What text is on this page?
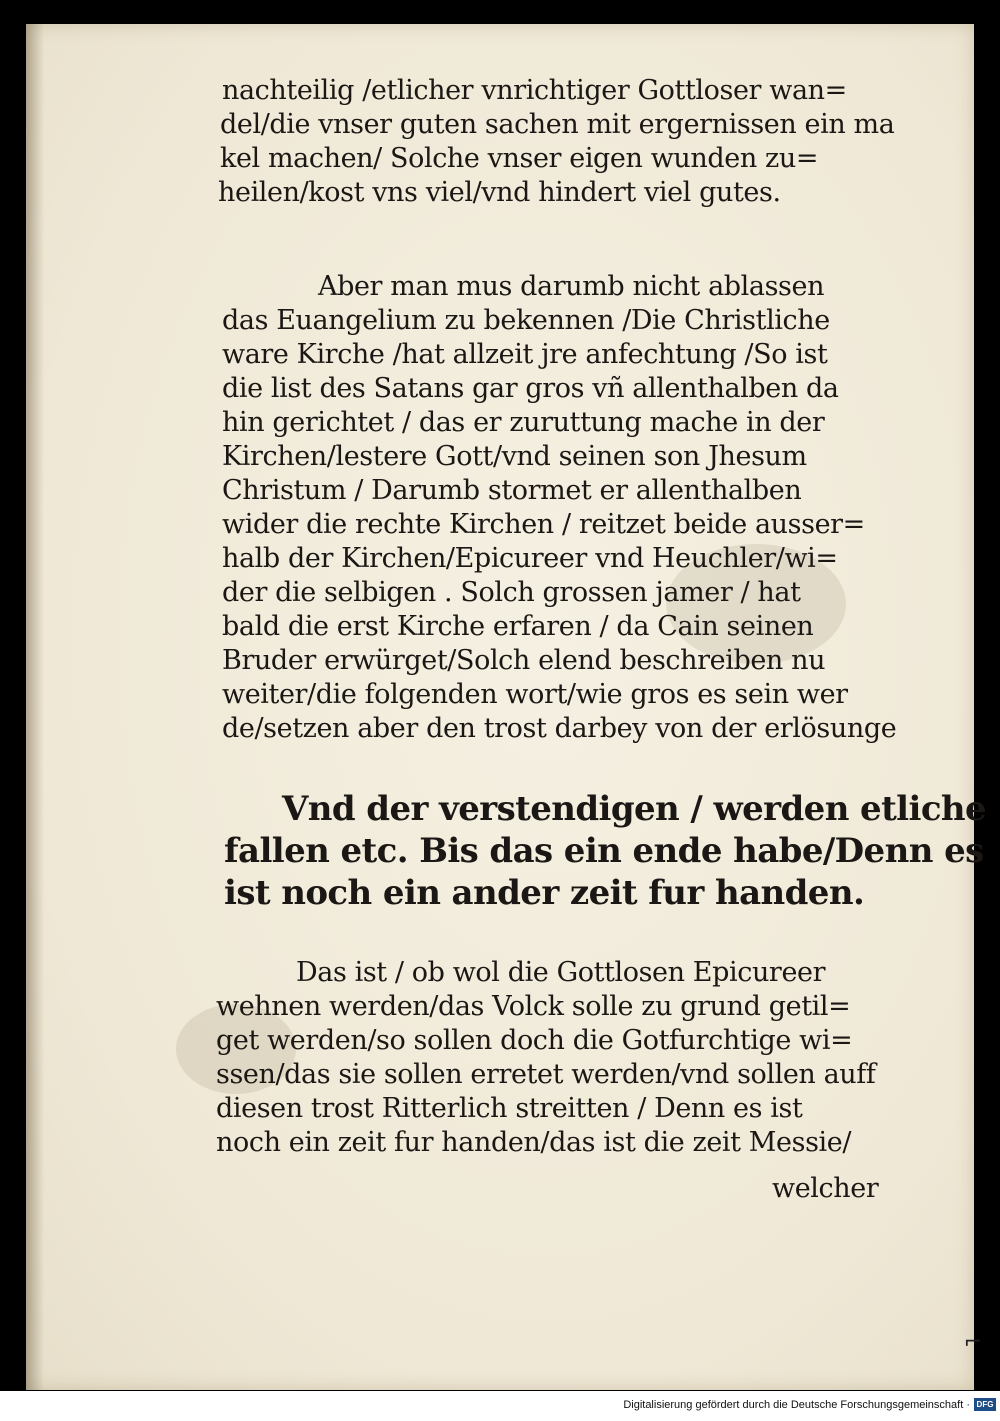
nachteilig /etlicher vnrichtiger Gottloser wan=
del/die vnser guten sachen mit ergernissen ein ma
kel machen/ Solche vnser eigen wunden zu=
heilen/kost vns viel/vnd hindert viel gutes.
Aber man mus darumb nicht ablassen
das Euangelium zu bekennen /Die Christliche
ware Kirche /hat allzeit jre anfechtung /So ist
die list des Satans gar gros vñ allenthalben da
hin gerichtet / das er zuruttung mache in der
Kirchen/lestere Gott/vnd seinen son Jhesum
Christum / Darumb stormet er allenthalben
wider die rechte Kirchen / reitzet beide ausser=
halb der Kirchen/Epicureer vnd Heuchler/wi=
der die selbigen . Solch grossen jamer / hat
bald die erst Kirche erfaren / da Cain seinen
Bruder erwürget/Solch elend beschreiben nu
weiter/die folgenden wort/wie gros es sein wer
de/setzen aber den trost darbey von der erlösunge
Vnd der verstendigen / werden etliche
fallen etc. Bis das ein ende habe/Denn es
ist noch ein ander zeit fur handen.
Das ist / ob wol die Gottlosen Epicureer
wehnen werden/das Volck solle zu grund getil=
get werden/so sollen doch die Gotfurchtige wi=
ssen/das sie sollen erretet werden/vnd sollen auff
diesen trost Ritterlich streitten / Denn es ist
noch ein zeit fur handen/das ist die zeit Messie/
welcher
⌐
Digitalisierung gefördert durch die Deutsche Forschungsgemeinschaft · DFG
